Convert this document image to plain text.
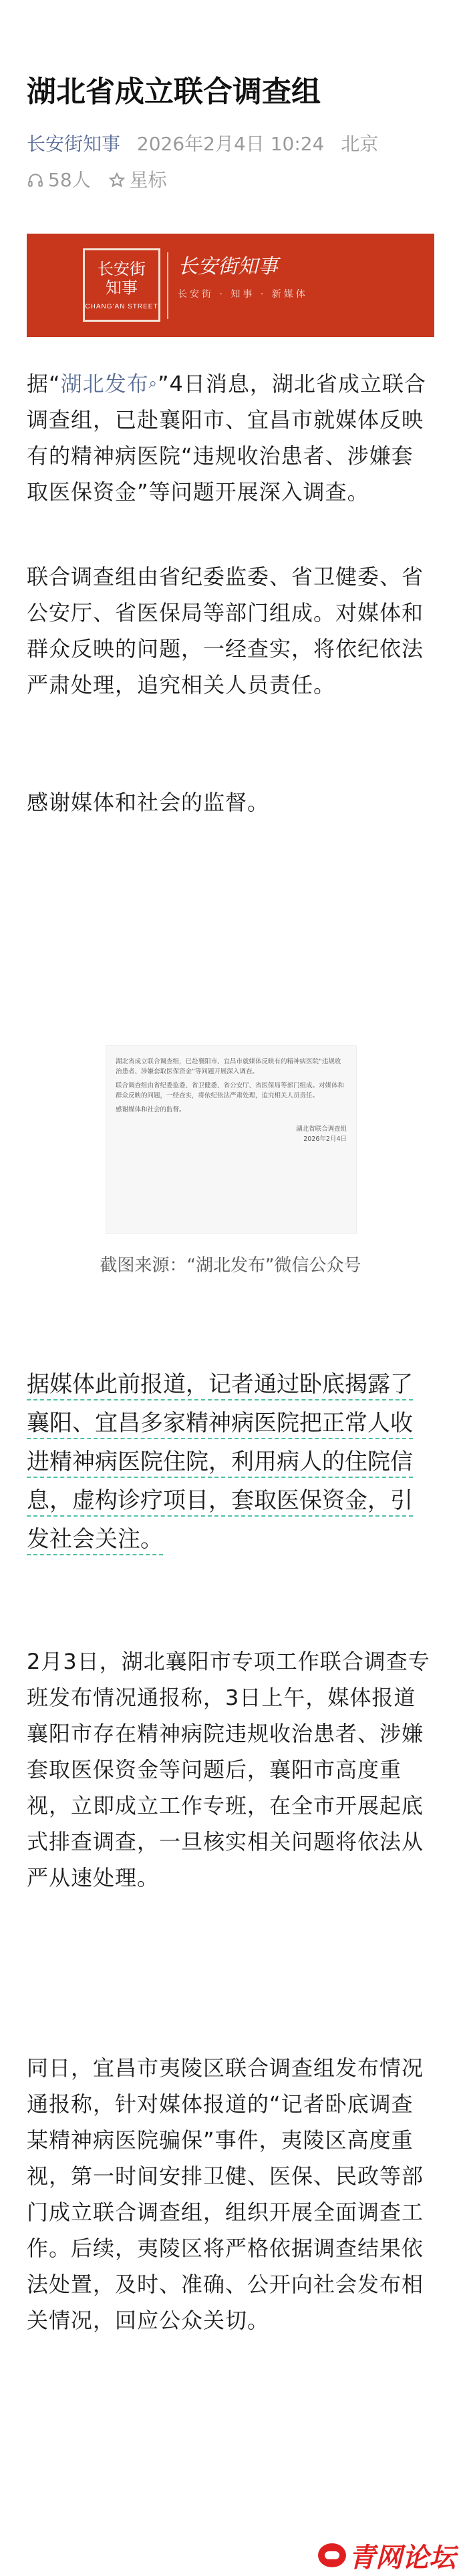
湖北省成立联合调查组
长安街知事 2026年2月4日 10:24 北京
58人 星标
长安街
知事
CHANG'AN STREET
长安街知事
长安街 · 知事 · 新媒体

据“湖北发布⌕”4日消息，湖北省成立联合调查组，已赴襄阳市、宜昌市就媒体反映有的精神病医院“违规收治患者、涉嫌套取医保资金”等问题开展深入调查。

联合调查组由省纪委监委、省卫健委、省公安厅、省医保局等部门组成。对媒体和群众反映的问题，一经查实，将依纪依法严肃处理，追究相关人员责任。

感谢媒体和社会的监督。

湖北省成立联合调查组，已赴襄阳市、宜昌市就媒体反映有的精神病医院“违规收治患者、涉嫌套取医保资金”等问题开展深入调查。

联合调查组由省纪委监委、省卫健委、省公安厅、省医保局等部门组成。对媒体和群众反映的问题，一经查实，将依纪依法严肃处理，追究相关人员责任。

感谢媒体和社会的监督。

湖北省联合调查组
2026年2月4日
截图来源：“湖北发布”微信公众号

据媒体此前报道，记者通过卧底揭露了襄阳、宜昌多家精神病医院把正常人收进精神病医院住院，利用病人的住院信息，虚构诊疗项目，套取医保资金，引发社会关注。

2月3日，湖北襄阳市专项工作联合调查专班发布情况通报称，3日上午，媒体报道襄阳市存在精神病院违规收治患者、涉嫌套取医保资金等问题后，襄阳市高度重视，立即成立工作专班，在全市开展起底式排查调查，一旦核实相关问题将依法从严从速处理。

同日，宜昌市夷陵区联合调查组发布情况通报称，针对媒体报道的“记者卧底调查某精神病医院骗保”事件，夷陵区高度重视，第一时间安排卫健、医保、民政等部门成立联合调查组，组织开展全面调查工作。后续，夷陵区将严格依据调查结果依法处置，及时、准确、公开向社会发布相关情况，回应公众关切。

青网论坛
